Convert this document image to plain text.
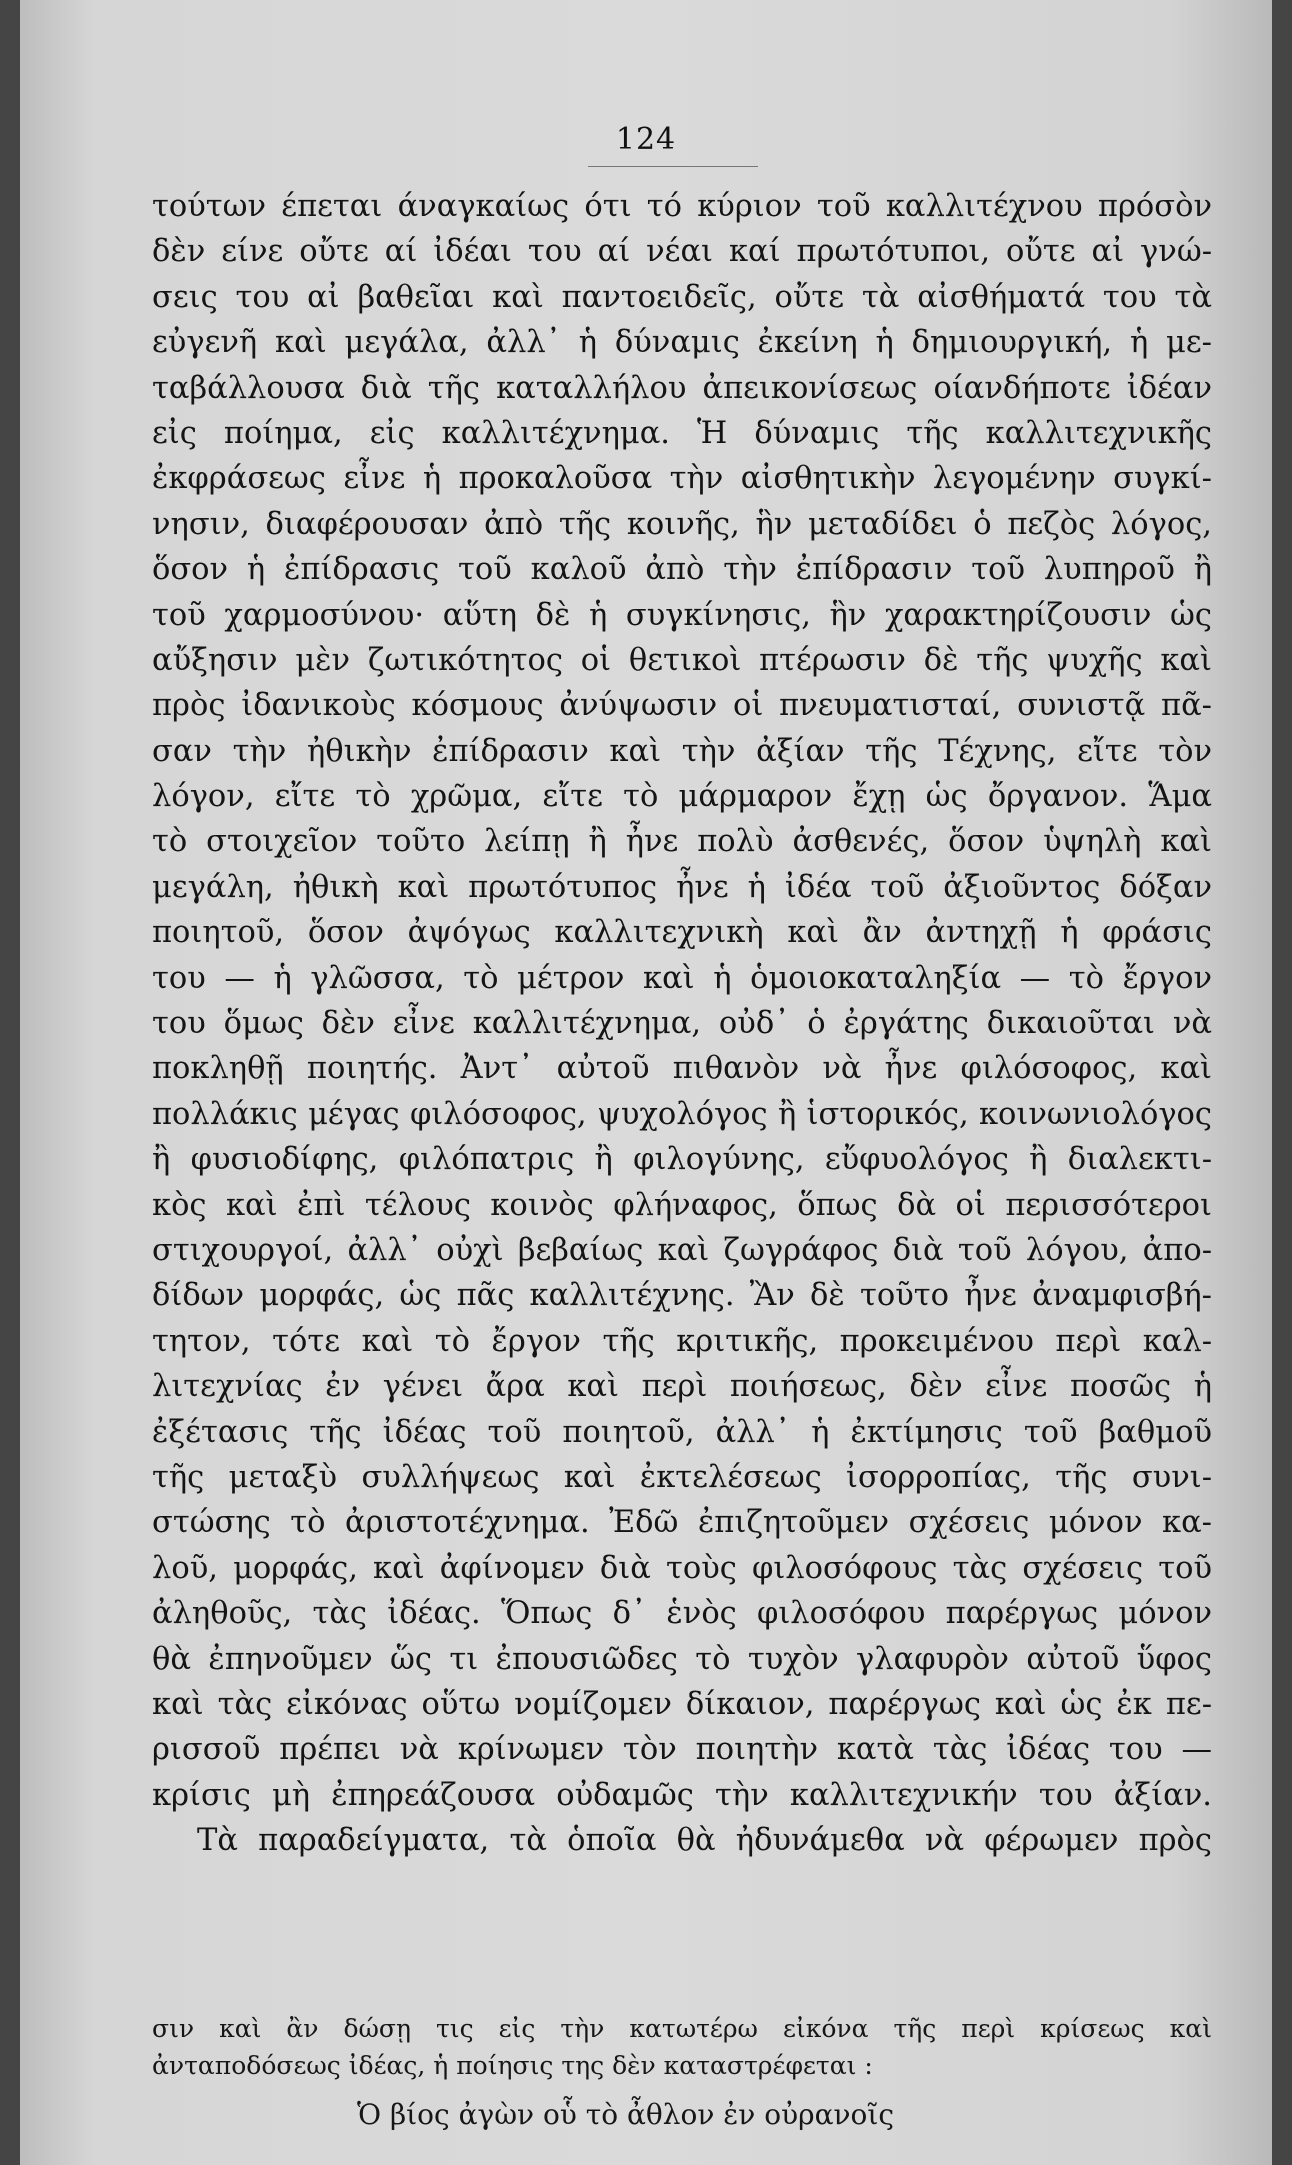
124
τούτων έπεται άναγκαίως ότι τό κύριον τοῦ καλλιτέχνου πρόσὸν
δὲν είνε οὔτε αί ἰδέαι του αί νέαι καί πρωτότυποι, οὔτε αἰ γνώ-
σεις του αἰ βαθεῖαι καὶ παντοειδεῖς, οὔτε τὰ αἰσθήματά του τὰ
εὐγενῆ καὶ μεγάλα, ἀλλ᾽ ἡ δύναμις ἐκείνη ἡ δημιουργική, ἡ με-
ταβάλλουσα διὰ τῆς καταλλήλου ἀπεικονίσεως οίανδήποτε ἰδέαν
εἰς ποίημα, εἰς καλλιτέχνημα. Ἡ δύναμις τῆς καλλιτεχνικῆς
ἐκφράσεως εἶνε ἡ προκαλοῦσα τὴν αἰσθητικὴν λεγομένην συγκί-
νησιν, διαφέρουσαν ἀπὸ τῆς κοινῆς, ἣν μεταδίδει ὁ πεζὸς λόγος,
ὅσον ἡ ἐπίδρασις τοῦ καλοῦ ἀπὸ τὴν ἐπίδρασιν τοῦ λυπηροῦ ἢ
τοῦ χαρμοσύνου· αὕτη δὲ ἡ συγκίνησις, ἣν χαρακτηρίζουσιν ὡς
αὔξησιν μὲν ζωτικότητος οἱ θετικοὶ πτέρωσιν δὲ τῆς ψυχῆς καὶ
πρὸς ἰδανικοὺς κόσμους ἀνύψωσιν οἱ πνευματισταί, συνιστᾷ πᾶ-
σαν τὴν ἠθικὴν ἐπίδρασιν καὶ τὴν ἀξίαν τῆς Τέχνης, εἴτε τὸν
λόγον, εἴτε τὸ χρῶμα, εἴτε τὸ μάρμαρον ἔχῃ ὡς ὄργανον. Ἅμα
τὸ στοιχεῖον τοῦτο λείπῃ ἢ ἦνε πολὺ ἀσθενές, ὅσον ὑψηλὴ καὶ
μεγάλη, ἠθικὴ καὶ πρωτότυπος ἦνε ἡ ἰδέα τοῦ ἀξιοῦντος δόξαν
ποιητοῦ, ὅσον ἀψόγως καλλιτεχνικὴ καὶ ἂν ἀντηχῇ ἡ φράσις
του — ἡ γλῶσσα, τὸ μέτρον καὶ ἡ ὁμοιοκαταληξία — τὸ ἔργον
του ὅμως δὲν εἶνε καλλιτέχνημα, οὐδ᾽ ὁ ἐργάτης δικαιοῦται νὰ
ποκληθῇ ποιητής. Ἀντ᾽ αὐτοῦ πιθανὸν νὰ ἦνε φιλόσοφος, καὶ
πολλάκις μέγας φιλόσοφος, ψυχολόγος ἢ ἱστορικός, κοινωνιολόγος
ἢ φυσιοδίφης, φιλόπατρις ἢ φιλογύνης, εὔφυολόγος ἢ διαλεκτι-
κὸς καὶ ἐπὶ τέλους κοινὸς φλήναφος, ὅπως δὰ οἱ περισσότεροι
στιχουργοί, ἀλλ᾽ οὐχὶ βεβαίως καὶ ζωγράφος διὰ τοῦ λόγου, ἀπο-
δίδων μορφάς, ὡς πᾶς καλλιτέχνης. Ἂν δὲ τοῦτο ἦνε ἀναμφισβή-
τητον, τότε καὶ τὸ ἔργον τῆς κριτικῆς, προκειμένου περὶ καλ-
λιτεχνίας ἐν γένει ἄρα καὶ περὶ ποιήσεως, δὲν εἶνε ποσῶς ἡ
ἐξέτασις τῆς ἰδέας τοῦ ποιητοῦ, ἀλλ᾽ ἡ ἐκτίμησις τοῦ βαθμοῦ
τῆς μεταξὺ συλλήψεως καὶ ἐκτελέσεως ἰσορροπίας, τῆς συνι-
στώσης τὸ ἀριστοτέχνημα. Ἐδῶ ἐπιζητοῦμεν σχέσεις μόνον κα-
λοῦ, μορφάς, καὶ ἀφίνομεν διὰ τοὺς φιλοσόφους τὰς σχέσεις τοῦ
ἀληθοῦς, τὰς ἰδέας. Ὅπως δ᾽ ἑνὸς φιλοσόφου παρέργως μόνον
θὰ ἐπηνοῦμεν ὥς τι ἐπουσιῶδες τὸ τυχὸν γλαφυρὸν αὐτοῦ ὕφος
καὶ τὰς εἰκόνας οὕτω νομίζομεν δίκαιον, παρέργως καὶ ὡς ἐκ πε-
ρισσοῦ πρέπει νὰ κρίνωμεν τὸν ποιητὴν κατὰ τὰς ἰδέας του —
κρίσις μὴ ἐπηρεάζουσα οὐδαμῶς τὴν καλλιτεχνικήν του ἀξίαν.
Τὰ παραδείγματα, τὰ ὁποῖα θὰ ἠδυνάμεθα νὰ φέρωμεν πρὸς
σιν καὶ ἂν δώσῃ τις εἰς τὴν κατωτέρω εἰκόνα τῆς περὶ κρίσεως καὶ
ἀνταποδόσεως ἰδέας, ἡ ποίησις της δὲν καταστρέφεται :
Ὁ βίος ἀγὼν οὗ τὸ ἆθλον ἐν οὐρανοῖς
